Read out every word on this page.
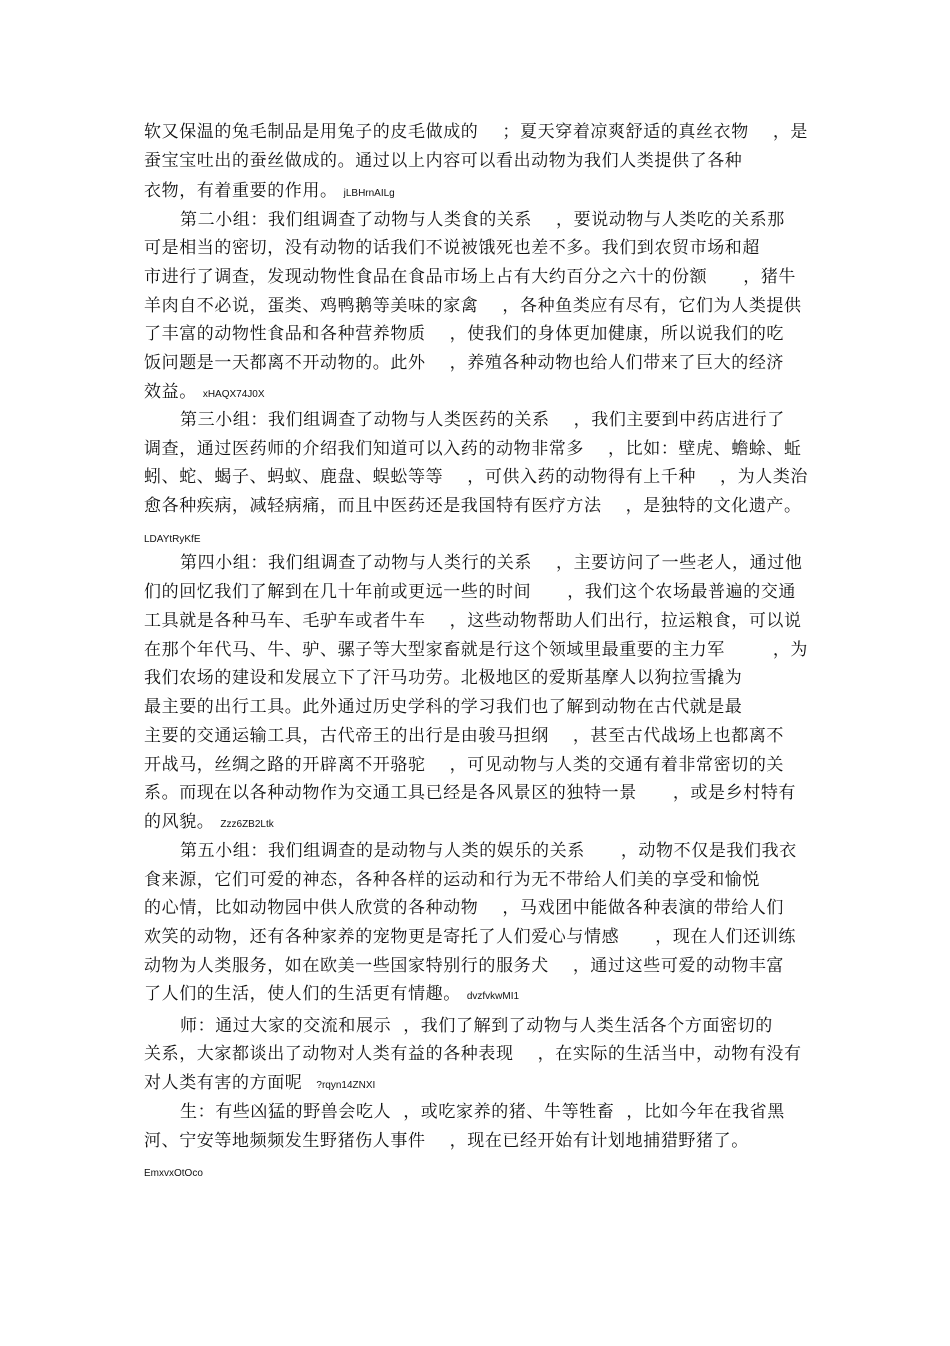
软又保温的兔毛制品是用兔子的皮毛做成的    ；夏天穿着凉爽舒适的真丝衣物    ，是
蚕宝宝吐出的蚕丝做成的。通过以上内容可以看出动物为我们人类提供了各种
衣物，有着重要的作用。 jLBHrnAILg
第二小组：我们组调查了动物与人类食的关系    ，要说动物与人类吃的关系那
可是相当的密切，没有动物的话我们不说被饿死也差不多。我们到农贸市场和超
市进行了调查，发现动物性食品在食品市场上占有大约百分之六十的份额      ，猪牛
羊肉自不必说，蛋类、鸡鸭鹅等美味的家禽    ，各种鱼类应有尽有，它们为人类提供
了丰富的动物性食品和各种营养物质    ，使我们的身体更加健康，所以说我们的吃
饭问题是一天都离不开动物的。此外    ，养殖各种动物也给人们带来了巨大的经济
效益。 xHAQX74J0X
第三小组：我们组调查了动物与人类医药的关系    ，我们主要到中药店进行了
调查，通过医药师的介绍我们知道可以入药的动物非常多    ，比如：壁虎、蟾蜍、蚯
蚓、蛇、蝎子、蚂蚁、鹿盘、蜈蚣等等    ，可供入药的动物得有上千种    ，为人类治
愈各种疾病，减轻病痛，而且中医药还是我国特有医疗方法    ，是独特的文化遗产。
LDAYtRyKfE
第四小组：我们组调查了动物与人类行的关系    ，主要访问了一些老人，通过他
们的回忆我们了解到在几十年前或更远一些的时间      ，我们这个农场最普遍的交通
工具就是各种马车、毛驴车或者牛车    ，这些动物帮助人们出行，拉运粮食，可以说
在那个年代马、牛、驴、骡子等大型家畜就是行这个领域里最重要的主力军        ，为
我们农场的建设和发展立下了汗马功劳。北极地区的爱斯基摩人以狗拉雪撬为
最主要的出行工具。此外通过历史学科的学习我们也了解到动物在古代就是最
主要的交通运输工具，古代帝王的出行是由骏马担纲    ，甚至古代战场上也都离不
开战马，丝绸之路的开辟离不开骆驼    ，可见动物与人类的交通有着非常密切的关
系。而现在以各种动物作为交通工具已经是各风景区的独特一景      ，或是乡村特有
的风貌。 Zzz6ZB2Ltk
第五小组：我们组调查的是动物与人类的娱乐的关系      ，动物不仅是我们我衣
食来源，它们可爱的神态，各种各样的运动和行为无不带给人们美的享受和愉悦
的心情，比如动物园中供人欣赏的各种动物    ，马戏团中能做各种表演的带给人们
欢笑的动物，还有各种家养的宠物更是寄托了人们爱心与情感      ，现在人们还训练
动物为人类服务，如在欧美一些国家特别行的服务犬    ，通过这些可爱的动物丰富
了人们的生活，使人们的生活更有情趣。 dvzfvkwMI1
师：通过大家的交流和展示  ，我们了解到了动物与人类生活各个方面密切的
关系，大家都谈出了动物对人类有益的各种表现    ，在实际的生活当中，动物有没有
对人类有害的方面呢 ?rqyn14ZNXI
生：有些凶猛的野兽会吃人  ，或吃家养的猪、牛等牲畜  ，比如今年在我省黑
河、宁安等地频频发生野猪伤人事件    ，现在已经开始有计划地捕猎野猪了。
EmxvxOtOco
